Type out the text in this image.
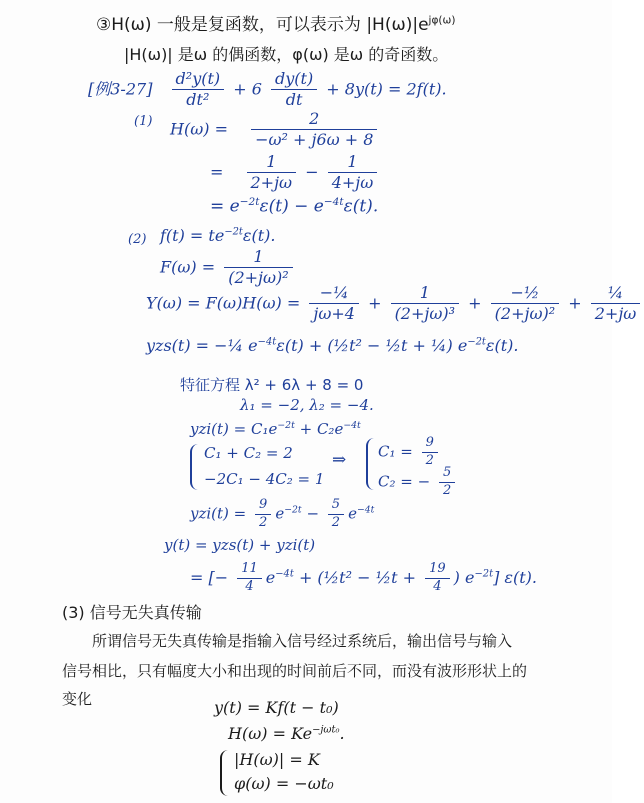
③H(ω) 一般是复函数，可以表示为 $|H(\omega)|e^{j\varphi(\omega)}$
|H(ω)| 是ω 的偶函数，φ(ω) 是ω 的奇函数。
[例$3-27] \frac{\text{d²y(t)}}{\text{dt²}} + 6 \frac{dy(t)}{dt} + 8y(t) = 2f(t)$.
(1) $H(\omega) = \frac{2}{\text{−ω² + j6ω + 8}}$
= $\frac{1}{2+j\omega} - \frac{1}{4+j\omega}$
= $e^{-2t}\varepsilon(t) - e^{-4t}\varepsilon(t)$.
(2) $f(t) = te^{-2t}\varepsilon(t)$.
$F(\omega) = \frac{1}{\text{(2+jω)²}}$
$Y(\omega) = F(\omega)H(\omega) = \frac{\text{−¼}}{j\omega+4} + \frac{1}{\text{(2+jω)³}} + \frac{\text{−½}}{\text{(2+jω)²}} + \frac{\text{¼}}{2+j\omega}$
yzs(t) = −¼ $e^{-4t}\varepsilon(t)$ + (½t² − ½t + ¼) $e^{-2t}\varepsilon(t)$.
特征方程 λ² + 6λ + 8 = 0
λ₁ = −2, λ₂ = −4.
$yzi(t) = C_1e^{-2t} + C_2e^{-4t}$
C₁ + C₂ = 2
−2C₁ − 4C₂ = 1
⇒ $C_1 = \frac{9}{2}$
C₂ = − $\frac{5}{2}$
$yzi(t) = \frac{9}{2} e^{-2t} - \frac{5}{2} e^{-4t}$
y(t) = yzs(t) + yzi(t)
= [− $\frac{11}{4} e^{-4t}$ + (½t² − ½t + $\frac{19}{4}$ ) $e^{-2t}$] ε(t).
(3) 信号无失真传输
所谓信号无失真传输是指输入信号经过系统后，输出信号与输入
信号相比，只有幅度大小和出现的时间前后不同，而没有波形形状上的
变化	y(t) = Kf(t − t₀)
$H(\omega) = Ke^{-j\omega t_0}$.
|H(ω)| = K
φ(ω) = −ωt₀
